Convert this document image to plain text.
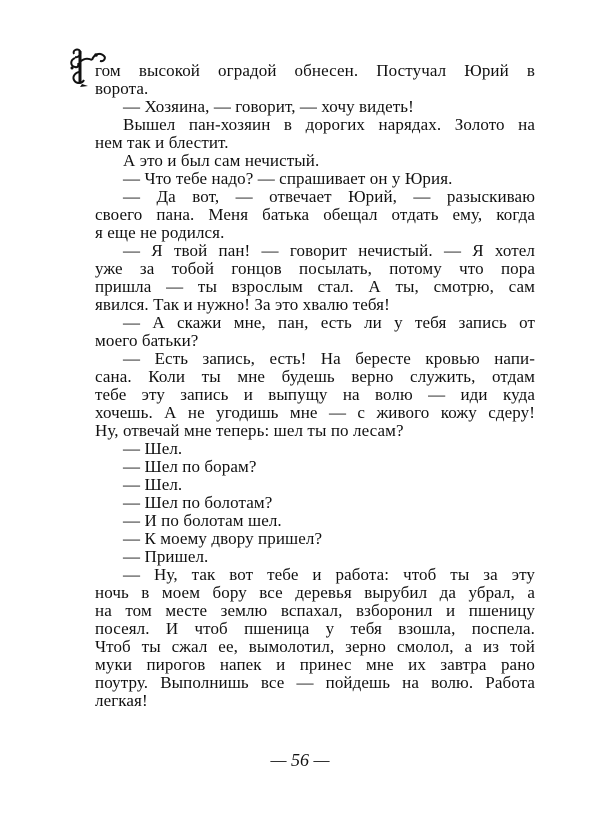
гом высокой оградой обнесен. Постучал Юрий в
ворота.
— Хозяина, — говорит, — хочу видеть!
Вышел пан-хозяин в дорогих нарядах. Золото на
нем так и блестит.
А это и был сам нечистый.
— Что тебе надо? — спрашивает он у Юрия.
— Да вот, — отвечает Юрий, — разыскиваю
своего пана. Меня батька обещал отдать ему, когда
я еще не родился.
— Я твой пан! — говорит нечистый. — Я хотел
уже за тобой гонцов посылать, потому что пора
пришла — ты взрослым стал. А ты, смотрю, сам
явился. Так и нужно! За это хвалю тебя!
— А скажи мне, пан, есть ли у тебя запись от
моего батьки?
— Есть запись, есть! На бересте кровью напи-
сана. Коли ты мне будешь верно служить, отдам
тебе эту запись и выпущу на волю — иди куда
хочешь. А не угодишь мне — с живого кожу сдеру!
Ну, отвечай мне теперь: шел ты по лесам?
— Шел.
— Шел по борам?
— Шел.
— Шел по болотам?
— И по болотам шел.
— К моему двору пришел?
— Пришел.
— Ну, так вот тебе и работа: чтоб ты за эту
ночь в моем бору все деревья вырубил да убрал, а
на том месте землю вспахал, взборонил и пшеницу
посеял. И чтоб пшеница у тебя взошла, поспела.
Чтоб ты сжал ее, вымолотил, зерно смолол, а из той
муки пирогов напек и принес мне их завтра рано
поутру. Выполнишь все — пойдешь на волю. Работа
легкая!
— 56 —
